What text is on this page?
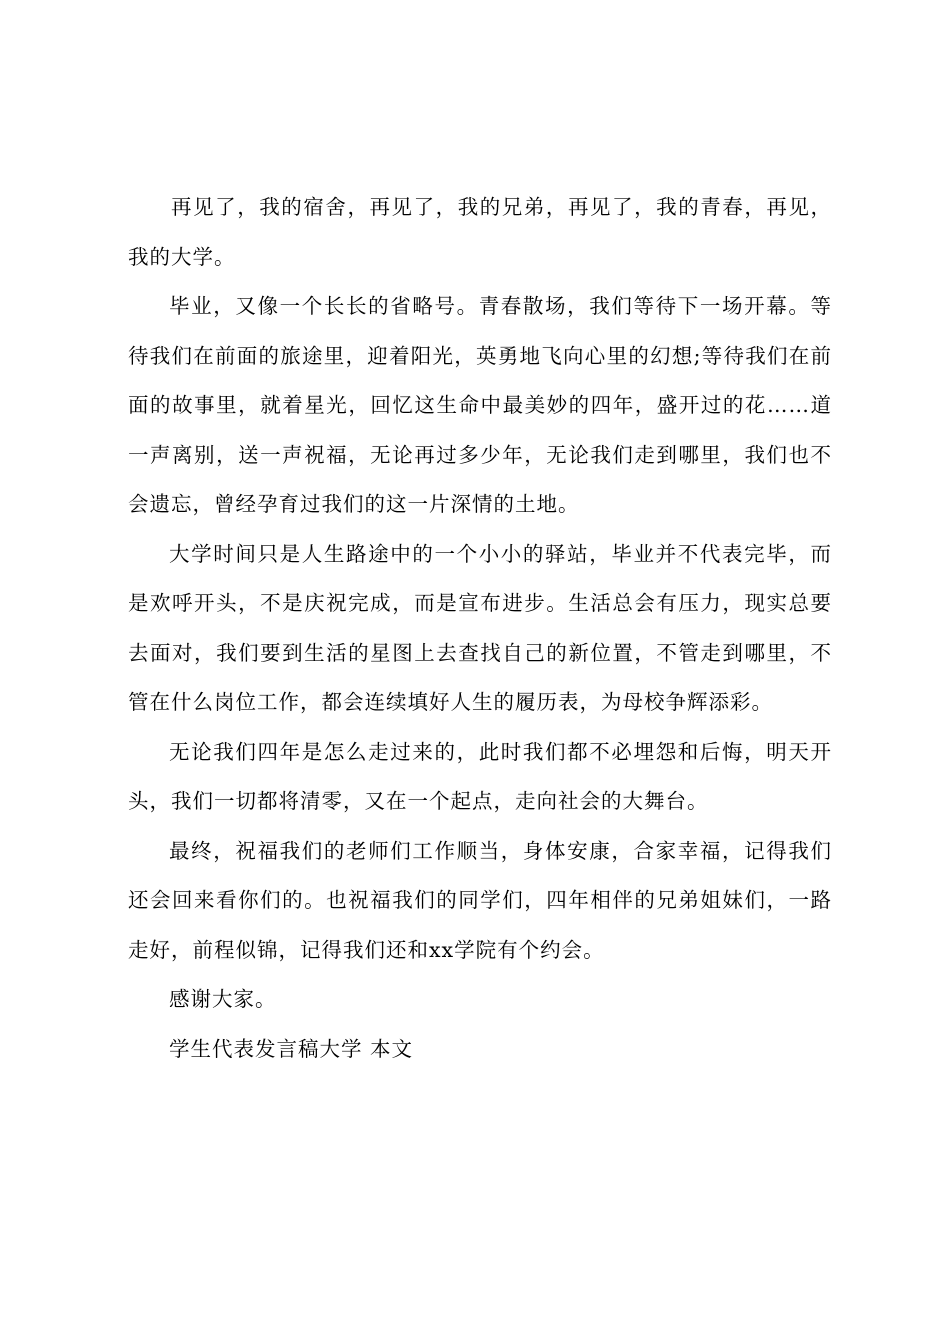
再见了，我的宿舍，再见了，我的兄弟，再见了，我的青春，再见，我的大学。

毕业，又像一个长长的省略号。青春散场，我们等待下一场开幕。等待我们在前面的旅途里，迎着阳光，英勇地飞向心里的幻想;等待我们在前面的故事里，就着星光，回忆这生命中最美妙的四年，盛开过的花……道一声离别，送一声祝福，无论再过多少年，无论我们走到哪里，我们也不会遗忘，曾经孕育过我们的这一片深情的土地。

大学时间只是人生路途中的一个小小的驿站，毕业并不代表完毕，而是欢呼开头，不是庆祝完成，而是宣布进步。生活总会有压力，现实总要去面对，我们要到生活的星图上去查找自己的新位置，不管走到哪里，不管在什么岗位工作，都会连续填好人生的履历表，为母校争辉添彩。

无论我们四年是怎么走过来的，此时我们都不必埋怨和后悔，明天开头，我们一切都将清零，又在一个起点，走向社会的大舞台。

最终，祝福我们的老师们工作顺当，身体安康，合家幸福，记得我们还会回来看你们的。也祝福我们的同学们，四年相伴的兄弟姐妹们，一路走好，前程似锦，记得我们还和xx学院有个约会。

感谢大家。

学生代表发言稿大学 本文
